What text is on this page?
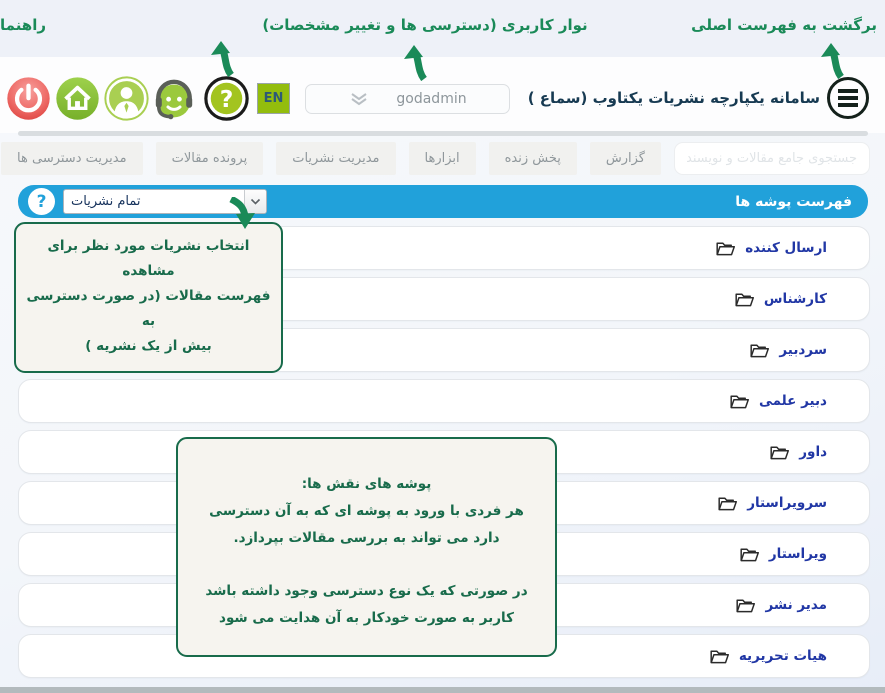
راهنما	نوار کاربری (دسترسی ها و تغییر مشخصات)	برگشت به فهرست اصلی
?	EN	godadmin	سامانه یکپارچه نشریات یکتاوب (سماع )
جستجوی جامع مقالات و نویسندگان و کاربران
گزارش
پخش زنده
ابزارها
مدیریت نشریات
پرونده مقالات
مدیریت دسترسی ها
فهرست پوشه ها
تمام نشریات
?
ارسال کننده
کارشناس
سردبیر
دبیر علمی
داور
سرویراستار
ویراستار
مدیر نشر
هیات تحریریه
انتخاب نشریات مورد نظر برای مشاهده
فهرست مقالات (در صورت دسترسی به
بیش از یک نشریه )
پوشه های نقش ها:
هر فردی با ورود به پوشه ای که به آن دسترسی
دارد می تواند به بررسی مقالات بپردازد.
در صورتی که یک نوع دسترسی وجود داشته باشد
کاربر به صورت خودکار به آن هدایت می شود
